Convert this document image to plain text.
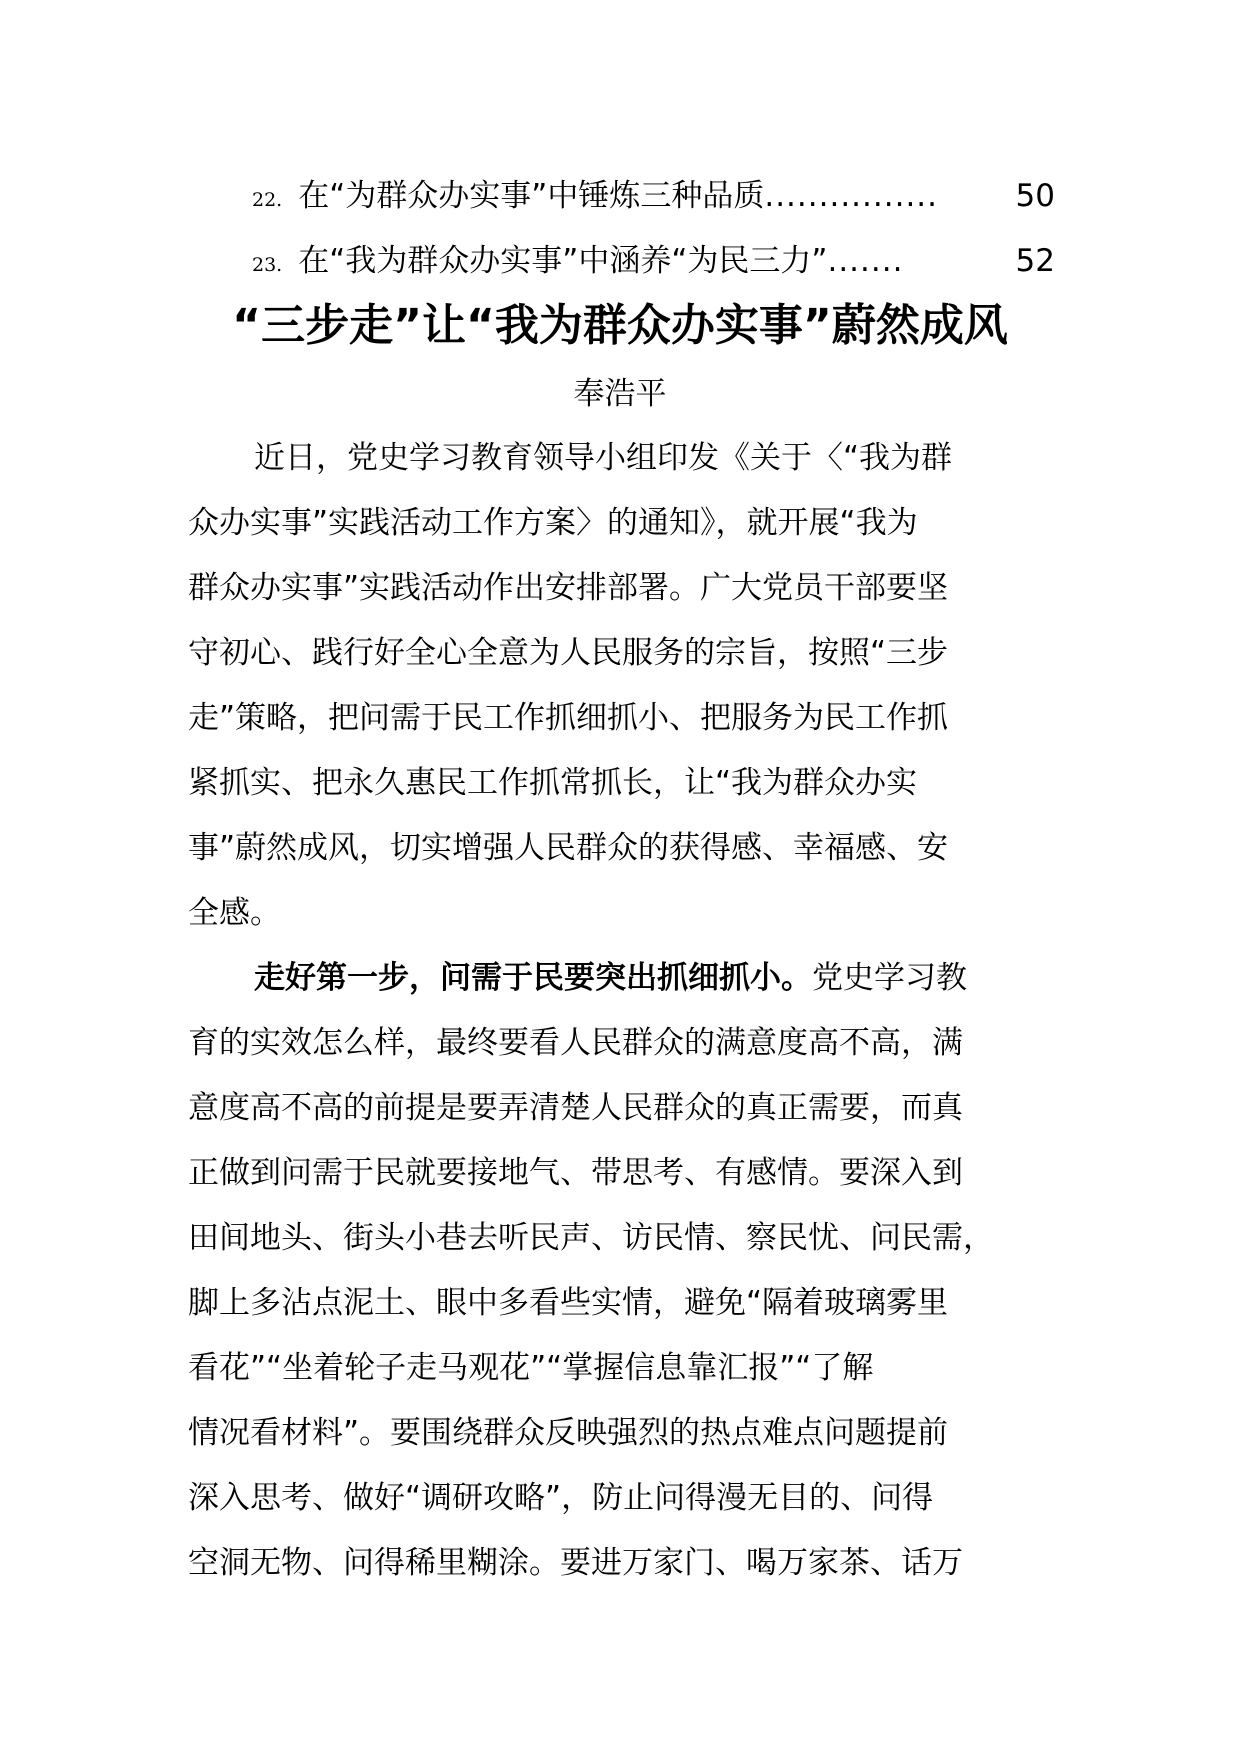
22. 在“为群众办实事”中锤炼三种品质 ................	50
23. 在“我为群众办实事”中涵养“为民三力” .......	52
“三步走”让“我为群众办实事”蔚然成风
奉浩平
近日，党史学习教育领导小组印发《关于〈“我为群
众办实事”实践活动工作方案〉的通知》，就开展“我为
群众办实事”实践活动作出安排部署。广大党员干部要坚
守初心、践行好全心全意为人民服务的宗旨，按照“三步
走”策略，把问需于民工作抓细抓小、把服务为民工作抓
紧抓实、把永久惠民工作抓常抓长，让“我为群众办实
事”蔚然成风，切实增强人民群众的获得感、幸福感、安
全感。
走好第一步，问需于民要突出抓细抓小。党史学习教
育的实效怎么样，最终要看人民群众的满意度高不高，满
意度高不高的前提是要弄清楚人民群众的真正需要，而真
正做到问需于民就要接地气、带思考、有感情。要深入到
田间地头、街头小巷去听民声、访民情、察民忧、问民需，
脚上多沾点泥土、眼中多看些实情，避免“隔着玻璃雾里
看花”“坐着轮子走马观花”“掌握信息靠汇报”“了解
情况看材料”。要围绕群众反映强烈的热点难点问题提前
深入思考、做好“调研攻略”，防止问得漫无目的、问得
空洞无物、问得稀里糊涂。要进万家门、喝万家茶、话万
